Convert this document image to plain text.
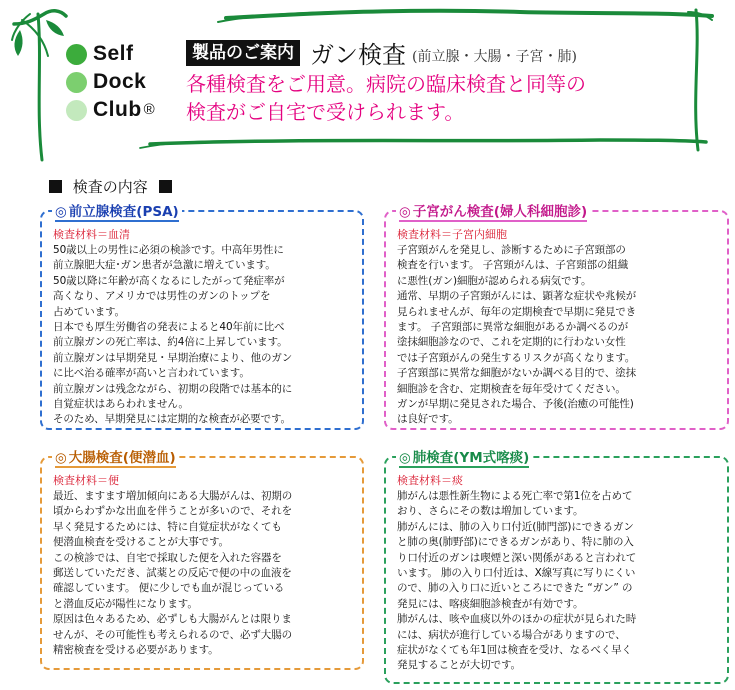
Self
Dock
Club ®
製品のご案内 ガン検査 (前立腺・大腸・子宮・肺)
各種検査をご用意。病院の臨床検査と同等の
検査がご自宅で受けられます。
検査の内容
◎ 前立腺検査(PSA)
検査材料＝血清

50歳以上の男性に必須の検診です。中高年男性に

前立腺肥大症･ガン患者が急激に増えています。

50歳以降に年齢が高くなるにしたがって発症率が

高くなり、アメリカでは男性のガンのトップを

占めています。

日本でも厚生労働省の発表によると40年前に比べ

前立腺ガンの死亡率は、約4倍に上昇しています。

前立腺ガンは早期発見・早期治療により、他のガン

に比べ治る確率が高いと言われています。

前立腺ガンは残念ながら、初期の段階では基本的に

自覚症状はあらわれません。

そのため、早期発見には定期的な検査が必要です。

◎ 子宮がん検査(婦人科細胞診)
検査材料＝子宮内細胞

子宮頸がんを発見し、診断するために子宮頸部の

検査を行います。 子宮頸がんは、子宮頸部の組織

に悪性(ガン)細胞が認められる病気です。

通常、早期の子宮頸がんには、顕著な症状や兆候が

見られませんが、毎年の定期検査で早期に発見でき

ます。 子宮頸部に異常な細胞があるか調べるのが

塗抹細胞診なので、これを定期的に行わない女性

では子宮頸がんの発生するリスクが高くなります。

子宮頸部に異常な細胞がないか調べる目的で、塗抹

細胞診を含む、定期検査を毎年受けてください。

ガンが早期に発見された場合、予後(治癒の可能性)

は良好です。

◎ 大腸検査(便潜血)
検査材料＝便

最近、ますます増加傾向にある大腸がんは、初期の

頃からわずかな出血を伴うことが多いので、それを

早く発見するためには、特に自覚症状がなくても

便潜血検査を受けることが大事です。

この検診では、自宅で採取した便を入れた容器を

郵送していただき、試薬との反応で便の中の血液を

確認しています。 便に少しでも血が混じっている

と潜血反応が陽性になります。

原因は色々あるため、必ずしも大腸がんとは限りま

せんが、その可能性も考えられるので、必ず大腸の

精密検査を受ける必要があります。

◎ 肺検査(YM式喀痰)
検査材料＝痰

肺がんは悪性新生物による死亡率で第1位を占めて

おり、さらにその数は増加しています。

肺がんには、肺の入り口付近(肺門部)にできるガン

と肺の奥(肺野部)にできるガンがあり、特に肺の入

り口付近のガンは喫煙と深い関係があると言われて

います。 肺の入り口付近は、X線写真に写りにくい

ので、肺の入り口に近いところにできた “ガン” の

発見には、喀痰細胞診検査が有効です。

肺がんは、咳や血痰以外のほかの症状が見られた時

には、病状が進行している場合がありますので、

症状がなくても年1回は検査を受け、なるべく早く

発見することが大切です。
